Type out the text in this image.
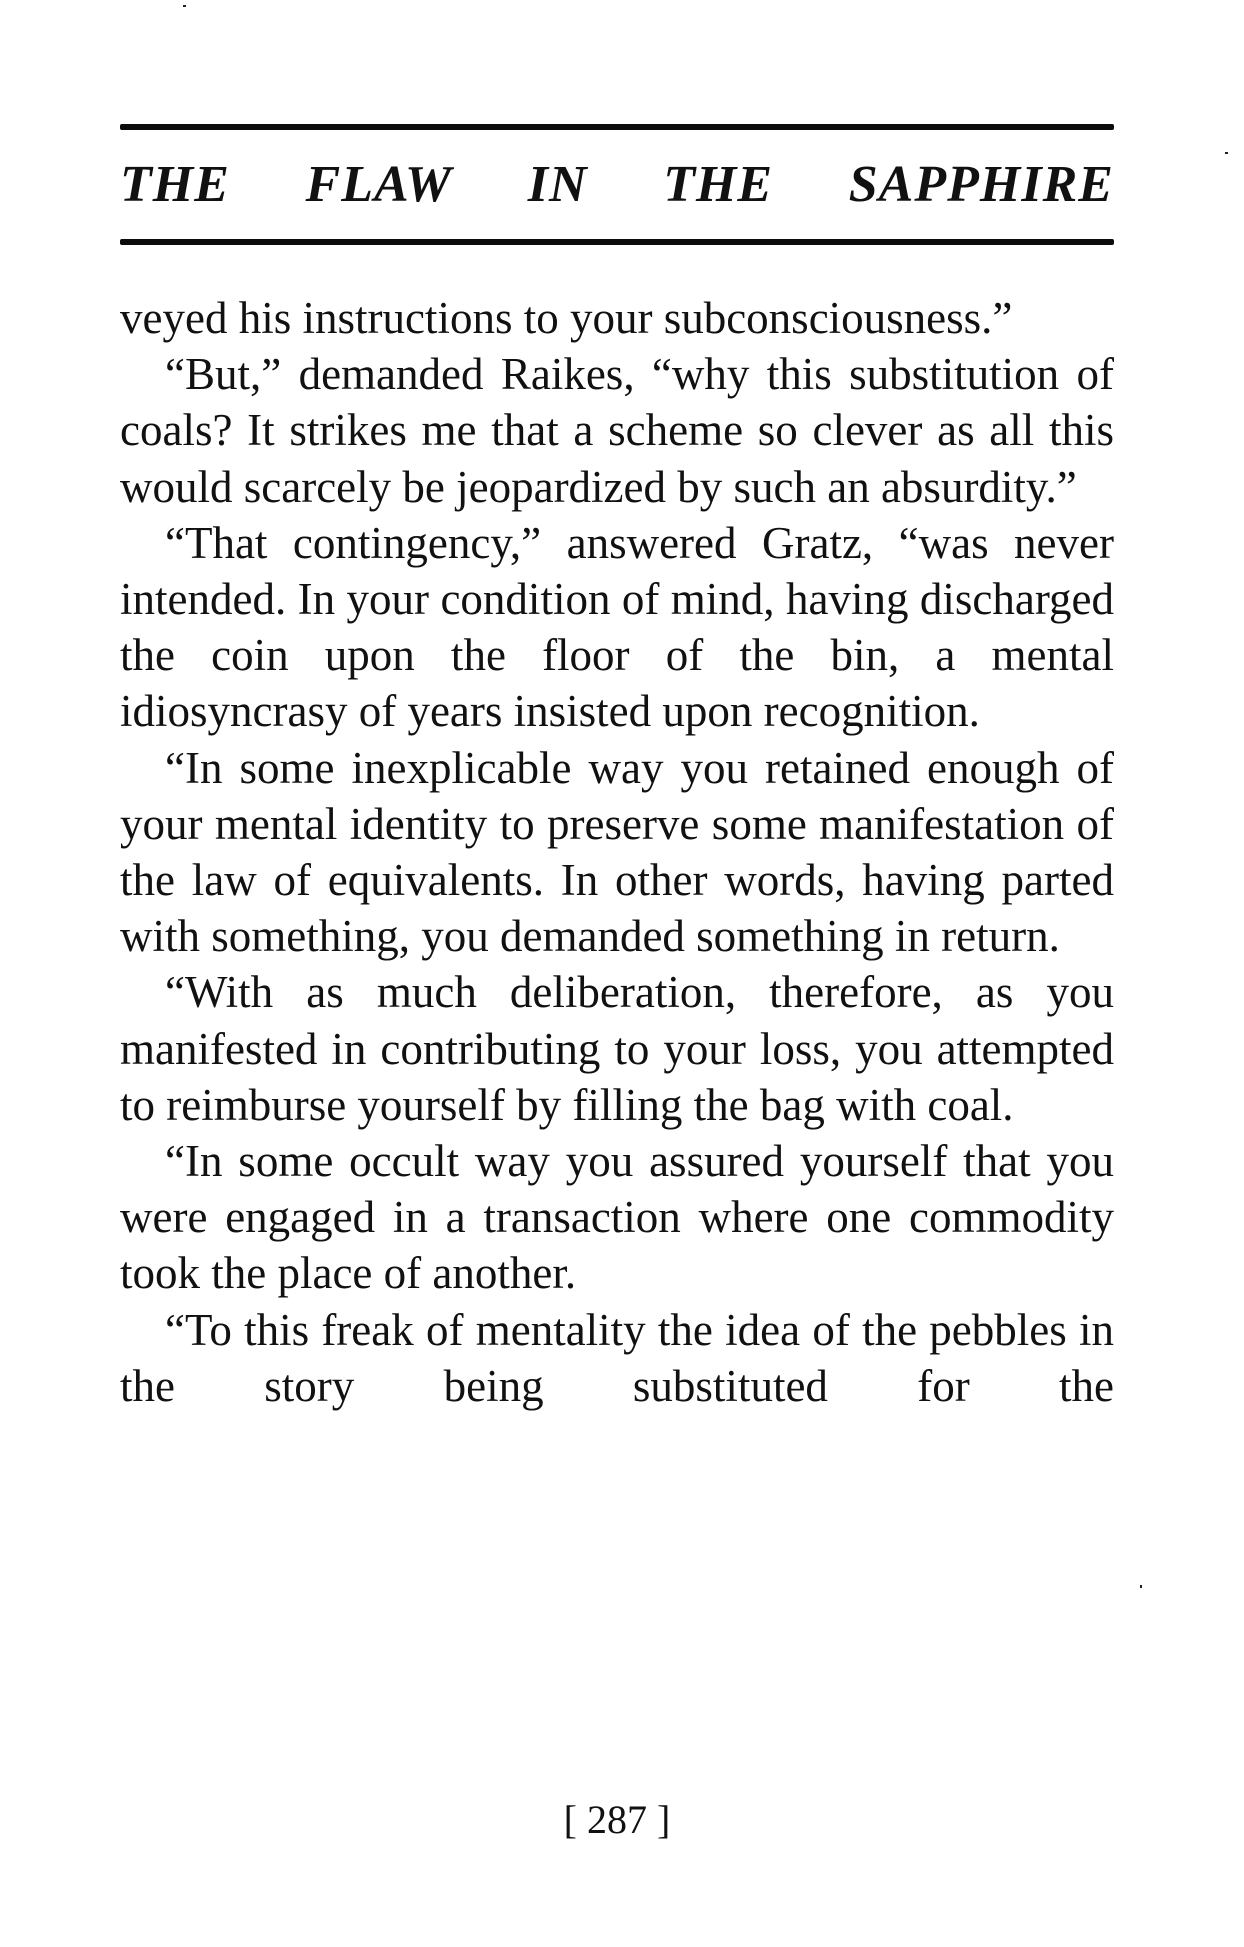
THE FLAW IN THE SAPPHIRE

veyed his instructions to your subconsciousness.”

“But,” demanded Raikes, “why this substitution of coals? It strikes me that a scheme so clever as all this would scarcely be jeopardized by such an absurdity.”

“That contingency,” answered Gratz, “was never intended. In your condition of mind, having discharged the coin upon the floor of the bin, a mental idiosyncrasy of years insisted upon recognition.

“In some inexplicable way you retained enough of your mental identity to preserve some manifestation of the law of equivalents. In other words, having parted with something, you demanded something in return.

“With as much deliberation, therefore, as you manifested in contributing to your loss, you attempted to reimburse yourself by filling the bag with coal.

“In some occult way you assured yourself that you were engaged in a transaction where one commodity took the place of another.

“To this freak of mentality the idea of the pebbles in the story being substituted for the

[ 287 ]
